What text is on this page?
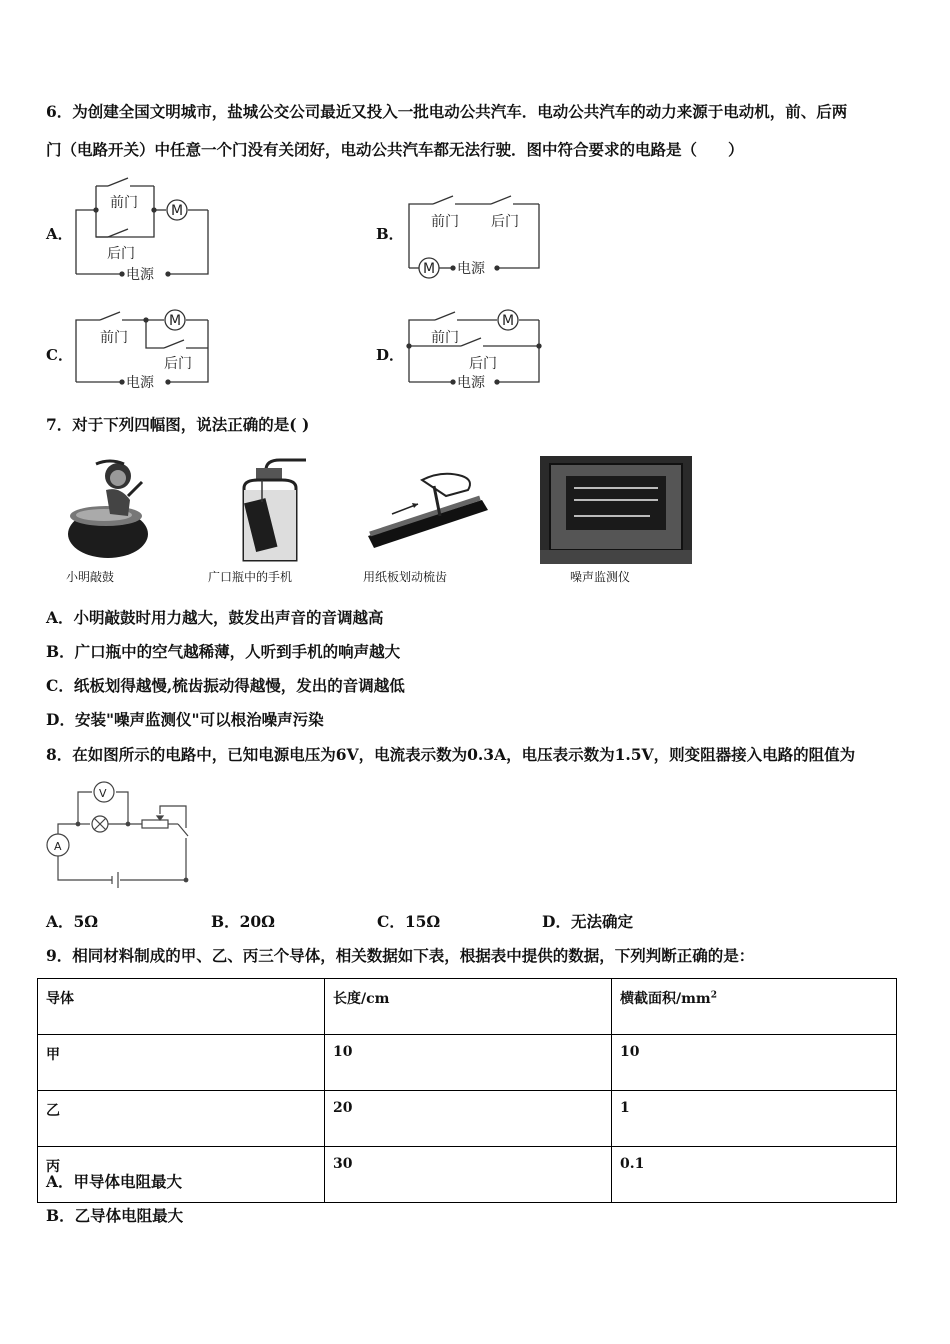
6．为创建全国文明城市，盐城公交公司最近又投入一批电动公共汽车．电动公共汽车的动力来源于电动机，前、后两
门（电路开关）中任意一个门没有关闭好，电动公共汽车都无法行驶．图中符合要求的电路是（　　）
A．	B．
C．	D．
前门
后门
M
电源
前门 后门
M 电源
前门
后门
M
电源
前门
后门
M
电源
7．对于下列四幅图，说法正确的是( )
小明敲鼓	广口瓶中的手机	用纸板划动梳齿	噪声监测仪
A．小明敲鼓时用力越大，鼓发出声音的音调越高
B．广口瓶中的空气越稀薄，人听到手机的响声越大
C．纸板划得越慢,梳齿振动得越慢，发出的音调越低
D．安装"噪声监测仪"可以根治噪声污染
8．在如图所示的电路中，已知电源电压为6V，电流表示数为0.3A，电压表示数为1.5V，则变阻器接入电路的阻值为
V
A
A．5Ω	B．20Ω	C．15Ω	D．无法确定
9．相同材料制成的甲、乙、丙三个导体，相关数据如下表，根据表中提供的数据，下列判断正确的是：
导体	长度/cm	横截面积$/mm^2$
甲	10	10
乙	20	1
丙	30	0.1
A．甲导体电阻最大
B．乙导体电阻最大
